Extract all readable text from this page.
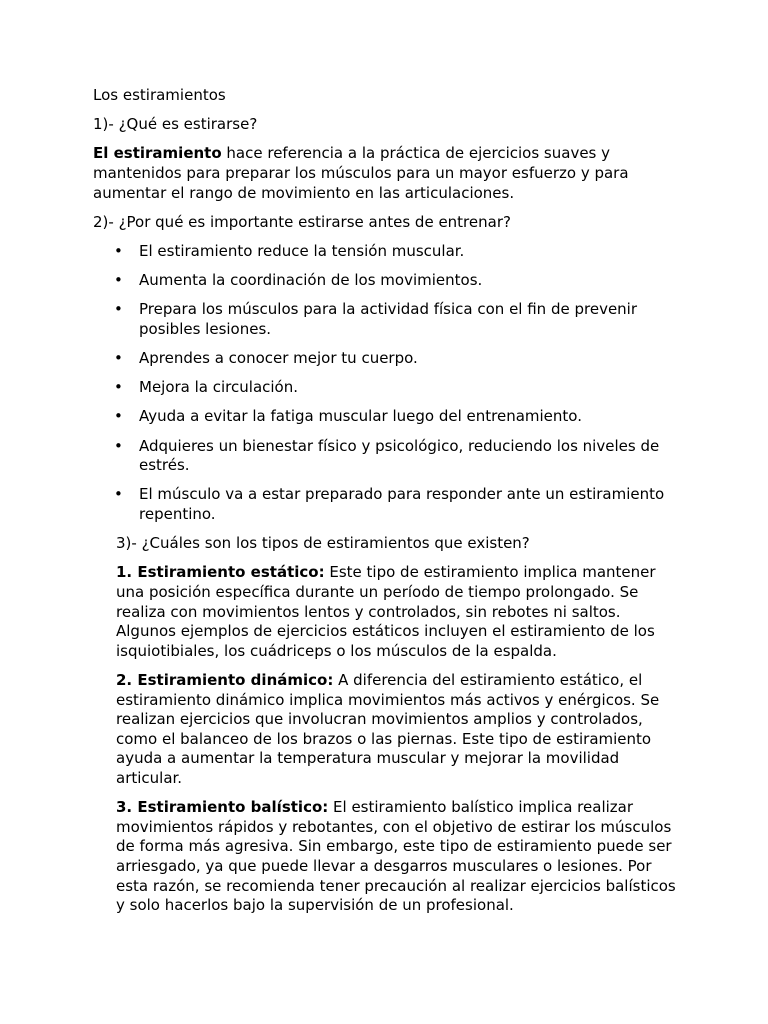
Los estiramientos

1)- ¿Qué es estirarse?

El estiramiento hace referencia a la práctica de ejercicios suaves y mantenidos para preparar los músculos para un mayor esfuerzo y para aumentar el rango de movimiento en las articulaciones.

2)- ¿Por qué es importante estirarse antes de entrenar?

• El estiramiento reduce la tensión muscular.
• Aumenta la coordinación de los movimientos.
• Prepara los músculos para la actividad física con el fin de prevenir posibles lesiones.
• Aprendes a conocer mejor tu cuerpo.
• Mejora la circulación.
• Ayuda a evitar la fatiga muscular luego del entrenamiento.
• Adquieres un bienestar físico y psicológico, reduciendo los niveles de estrés.
• El músculo va a estar preparado para responder ante un estiramiento repentino.

3)- ¿Cuáles son los tipos de estiramientos que existen?

1. Estiramiento estático: Este tipo de estiramiento implica mantener una posición específica durante un período de tiempo prolongado. Se realiza con movimientos lentos y controlados, sin rebotes ni saltos. Algunos ejemplos de ejercicios estáticos incluyen el estiramiento de los isquiotibiales, los cuádriceps o los músculos de la espalda.

2. Estiramiento dinámico: A diferencia del estiramiento estático, el estiramiento dinámico implica movimientos más activos y enérgicos. Se realizan ejercicios que involucran movimientos amplios y controlados, como el balanceo de los brazos o las piernas. Este tipo de estiramiento ayuda a aumentar la temperatura muscular y mejorar la movilidad articular.

3. Estiramiento balístico: El estiramiento balístico implica realizar movimientos rápidos y rebotantes, con el objetivo de estirar los músculos de forma más agresiva. Sin embargo, este tipo de estiramiento puede ser arriesgado, ya que puede llevar a desgarros musculares o lesiones. Por esta razón, se recomienda tener precaución al realizar ejercicios balísticos y solo hacerlos bajo la supervisión de un profesional.
